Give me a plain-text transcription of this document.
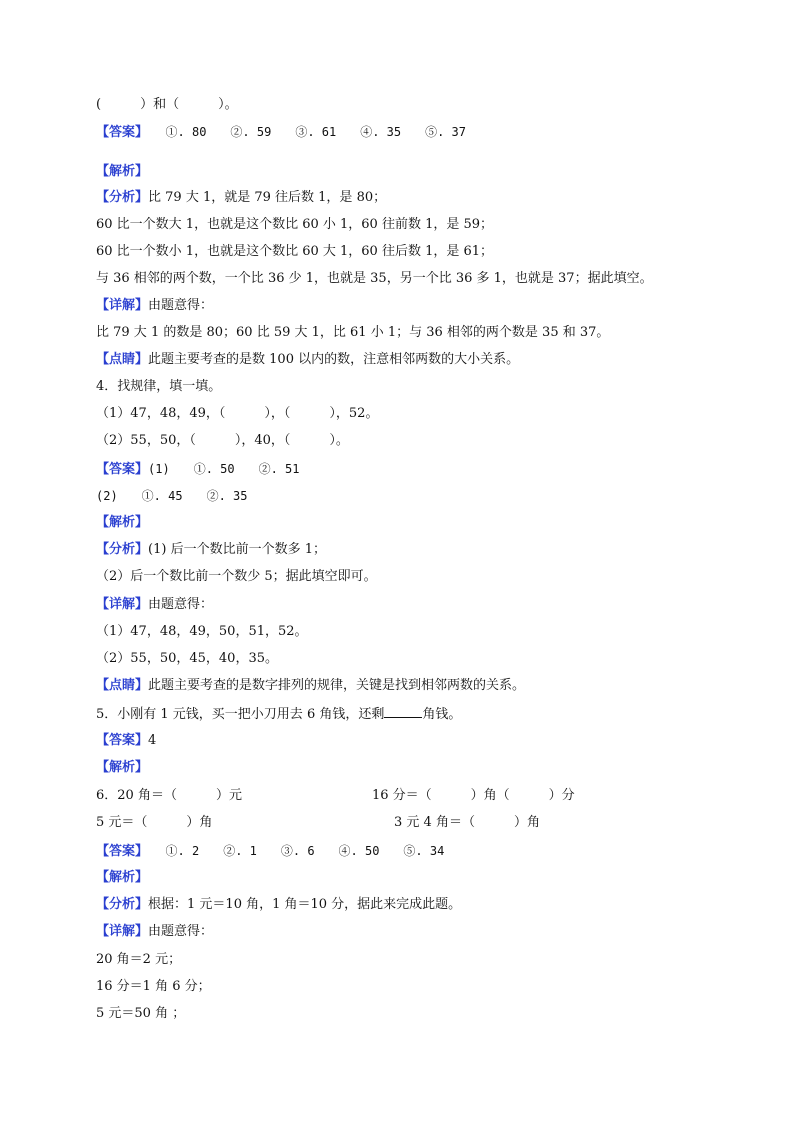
(　　　）和（　　　）。
【答案】　　①. 80　　②. 59　　③. 61　　④. 35　　⑤. 37
【解析】
【分析】比 79 大 1，就是 79 往后数 1，是 80；
60 比一个数大 1，也就是这个数比 60 小 1，60 往前数 1，是 59；
60 比一个数小 1，也就是这个数比 60 大 1，60 往后数 1，是 61；
与 36 相邻的两个数，一个比 36 少 1，也就是 35，另一个比 36 多 1，也就是 37；据此填空。
【详解】由题意得：
比 79 大 1 的数是 80；60 比 59 大 1，比 61 小 1；与 36 相邻的两个数是 35 和 37。
【点睛】此题主要考查的是数 100 以内的数，注意相邻两数的大小关系。
4．找规律，填一填。
（1）47，48，49，（　　　），（　　　），52。
（2）55，50，（　　　），40，（　　　）。
【答案】(1)　　①. 50　　②. 51
(2)　　①. 45　　②. 35
【解析】
【分析】(1) 后一个数比前一个数多 1；
（2）后一个数比前一个数少 5；据此填空即可。
【详解】由题意得：
（1）47，48，49，50，51，52。
（2）55，50，45，40，35。
【点睛】此题主要考查的是数字排列的规律，关键是找到相邻两数的关系。
5．小刚有 1 元钱，买一把小刀用去 6 角钱，还剩	角钱。
【答案】4
【解析】
6．20 角＝（　　　）元	16 分＝（　　　）角（　　　）分
5 元＝（　　　）角	3 元 4 角＝（　　　）角
【答案】　　①. 2　　②. 1　　③. 6　　④. 50　　⑤. 34
【解析】
【分析】根据：1 元＝10 角，1 角＝10 分，据此来完成此题。
【详解】由题意得：
20 角＝2 元；
16 分＝1 角 6 分；
5 元＝50 角 ；
